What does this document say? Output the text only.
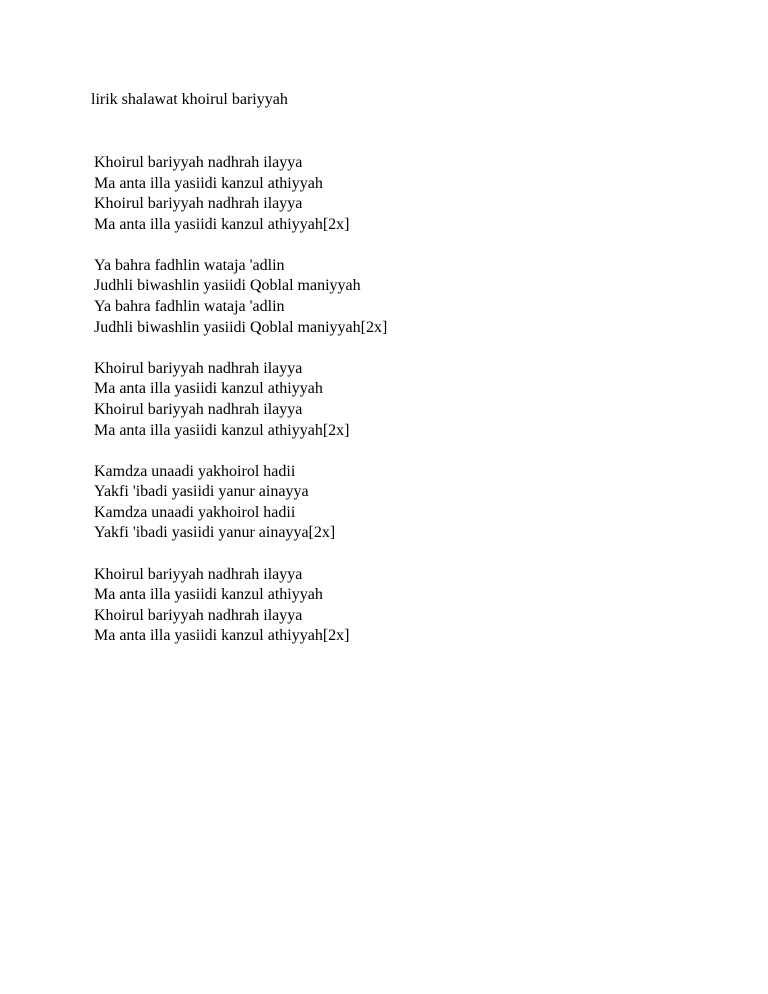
lirik shalawat khoirul bariyyah
Khoirul bariyyah nadhrah ilayya
Ma anta illa yasiidi kanzul athiyyah
Khoirul bariyyah nadhrah ilayya
Ma anta illa yasiidi kanzul athiyyah[2x]
Ya bahra fadhlin wataja 'adlin
Judhli biwashlin yasiidi Qoblal maniyyah
Ya bahra fadhlin wataja 'adlin
Judhli biwashlin yasiidi Qoblal maniyyah[2x]
Khoirul bariyyah nadhrah ilayya
Ma anta illa yasiidi kanzul athiyyah
Khoirul bariyyah nadhrah ilayya
Ma anta illa yasiidi kanzul athiyyah[2x]
Kamdza unaadi yakhoirol hadii
Yakfi 'ibadi yasiidi yanur ainayya
Kamdza unaadi yakhoirol hadii
Yakfi 'ibadi yasiidi yanur ainayya[2x]
Khoirul bariyyah nadhrah ilayya
Ma anta illa yasiidi kanzul athiyyah
Khoirul bariyyah nadhrah ilayya
Ma anta illa yasiidi kanzul athiyyah[2x]
